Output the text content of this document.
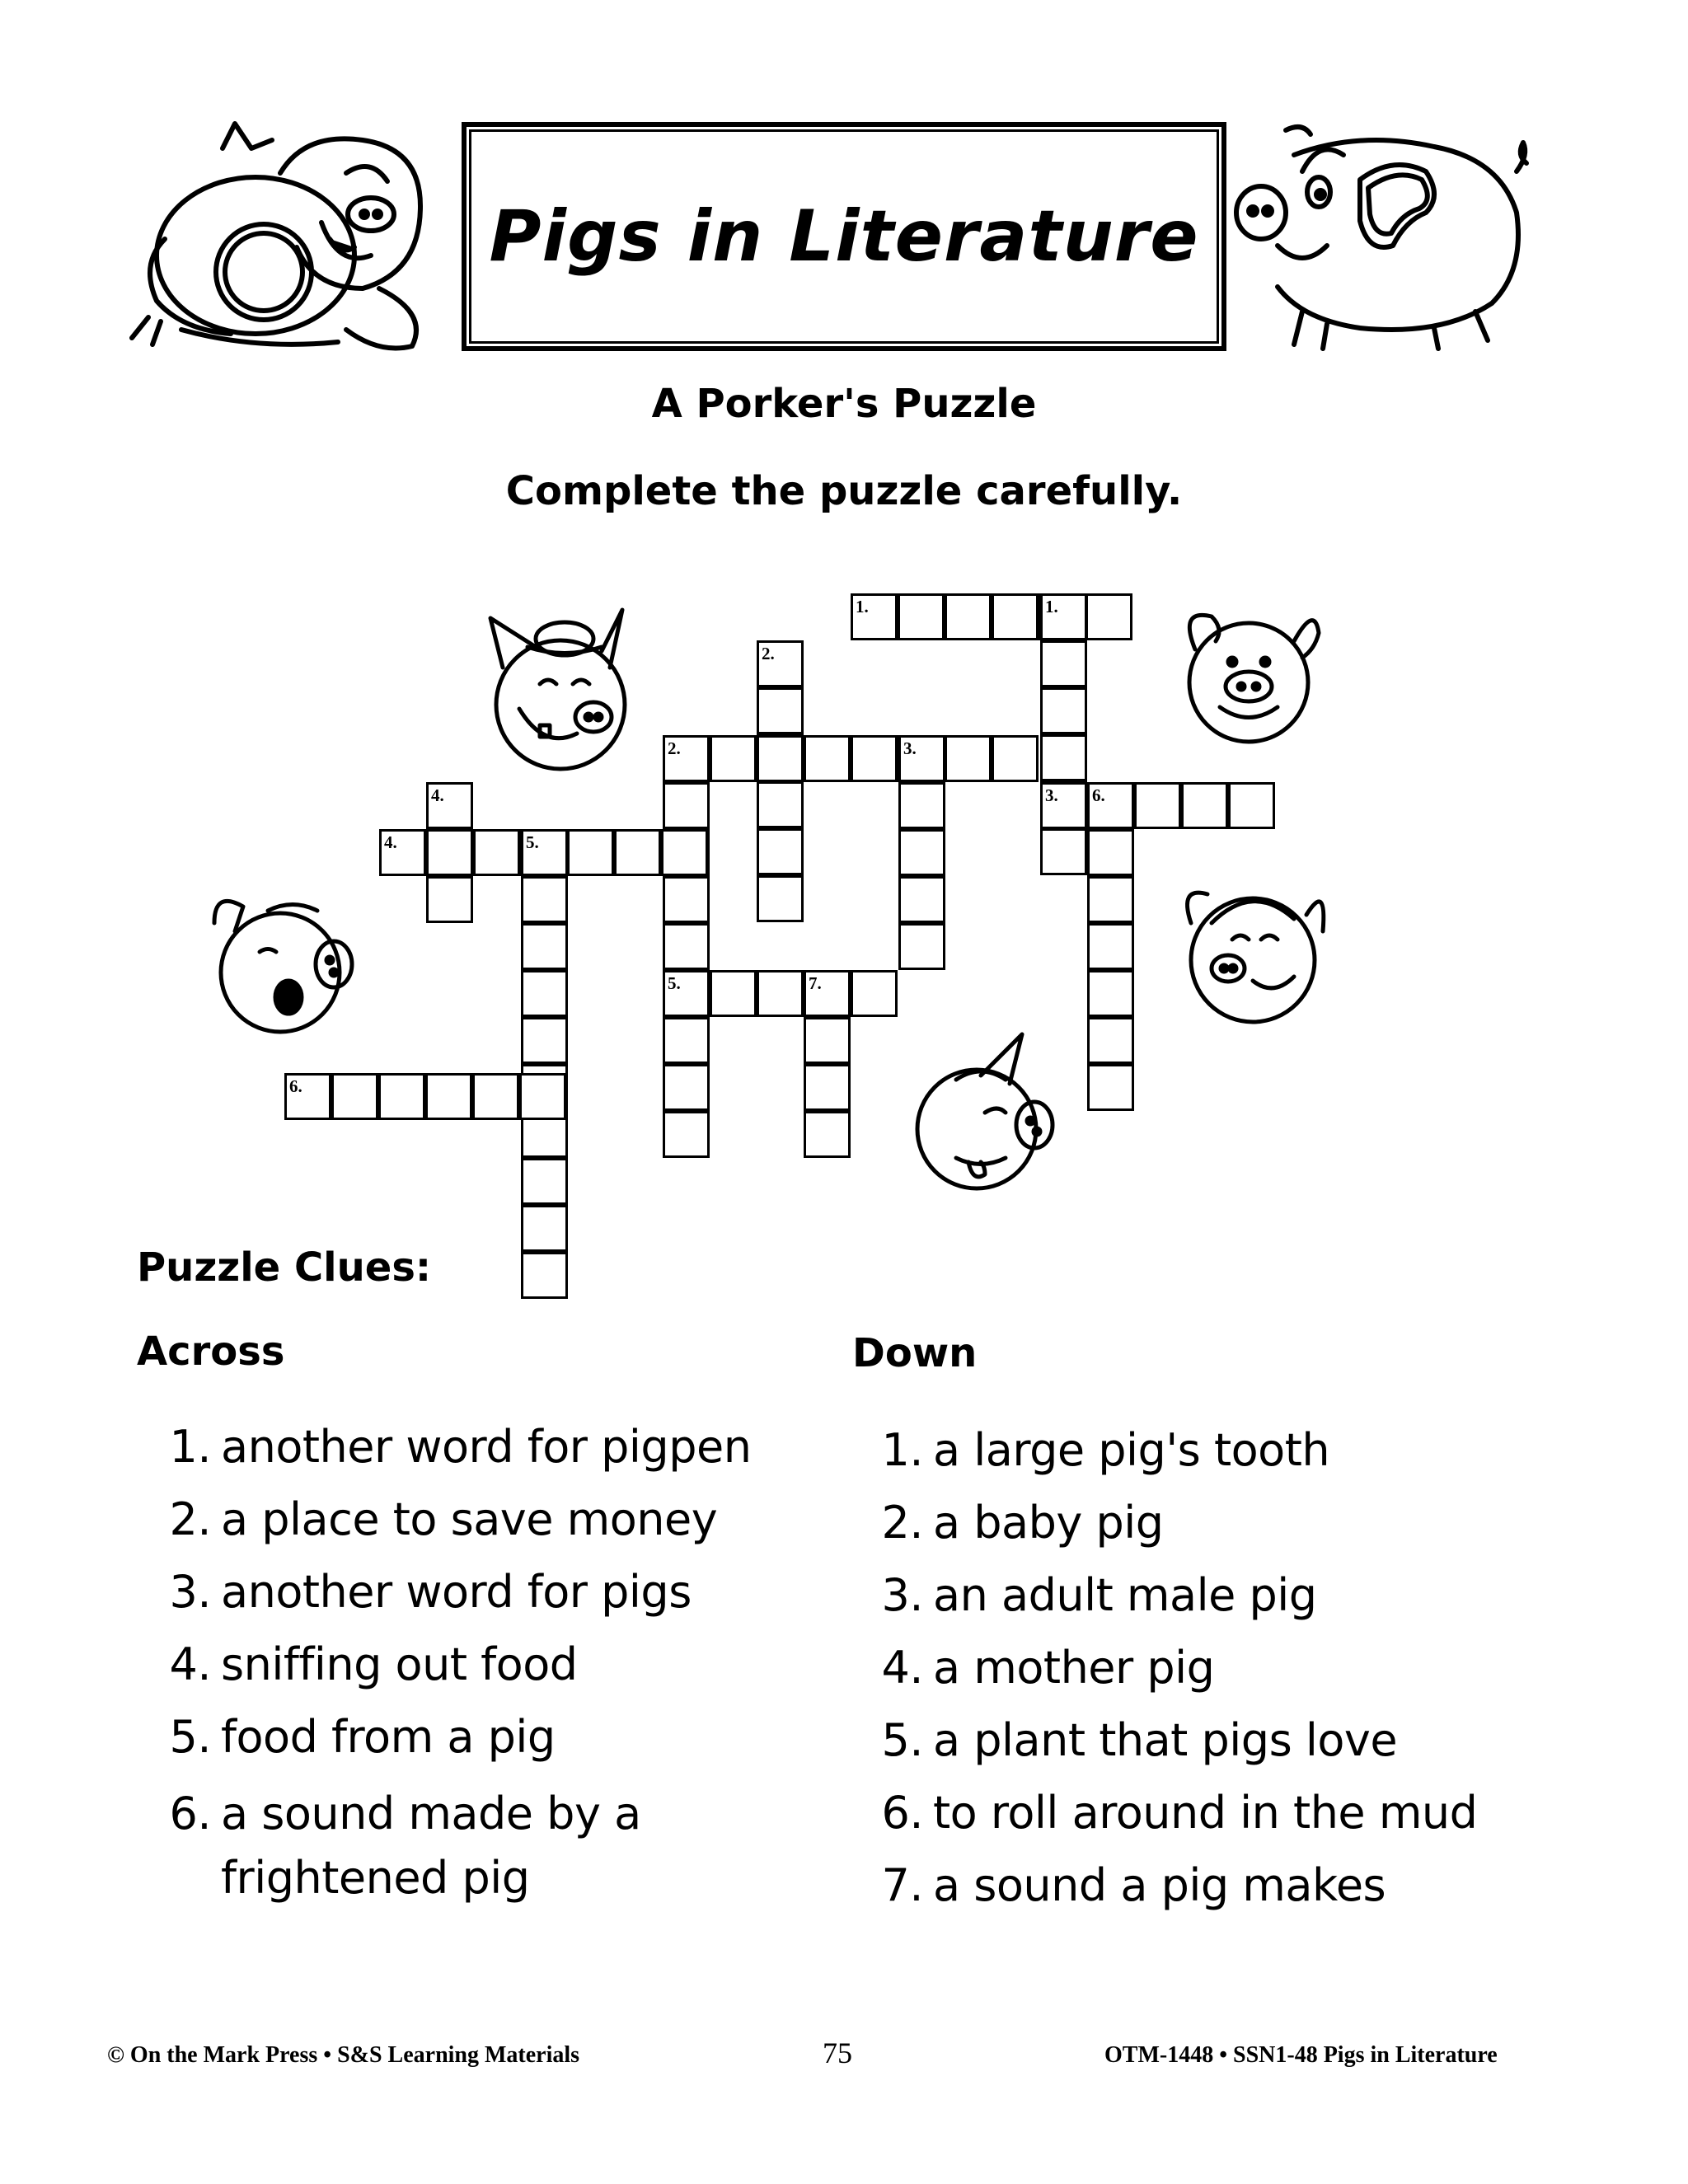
Pigs in Literature
A Porker's Puzzle
Complete the puzzle carefully.
1.	1.
2.
2.	3.
3. 6.
4.
4.	5.
5.	7.
6.
Puzzle Clues:
Across	Down
1. another word for pigpen
2. a place to save money
3. another word for pigs
4. sniffing out food
5. food from a pig
6. a sound made by a frightened pig
1. a large pig's tooth
2. a baby pig
3. an adult male pig
4. a mother pig
5. a plant that pigs love
6. to roll around in the mud
7. a sound a pig makes
© On the Mark Press • S&S Learning Materials	75	OTM-1448 • SSN1-48 Pigs in Literature
